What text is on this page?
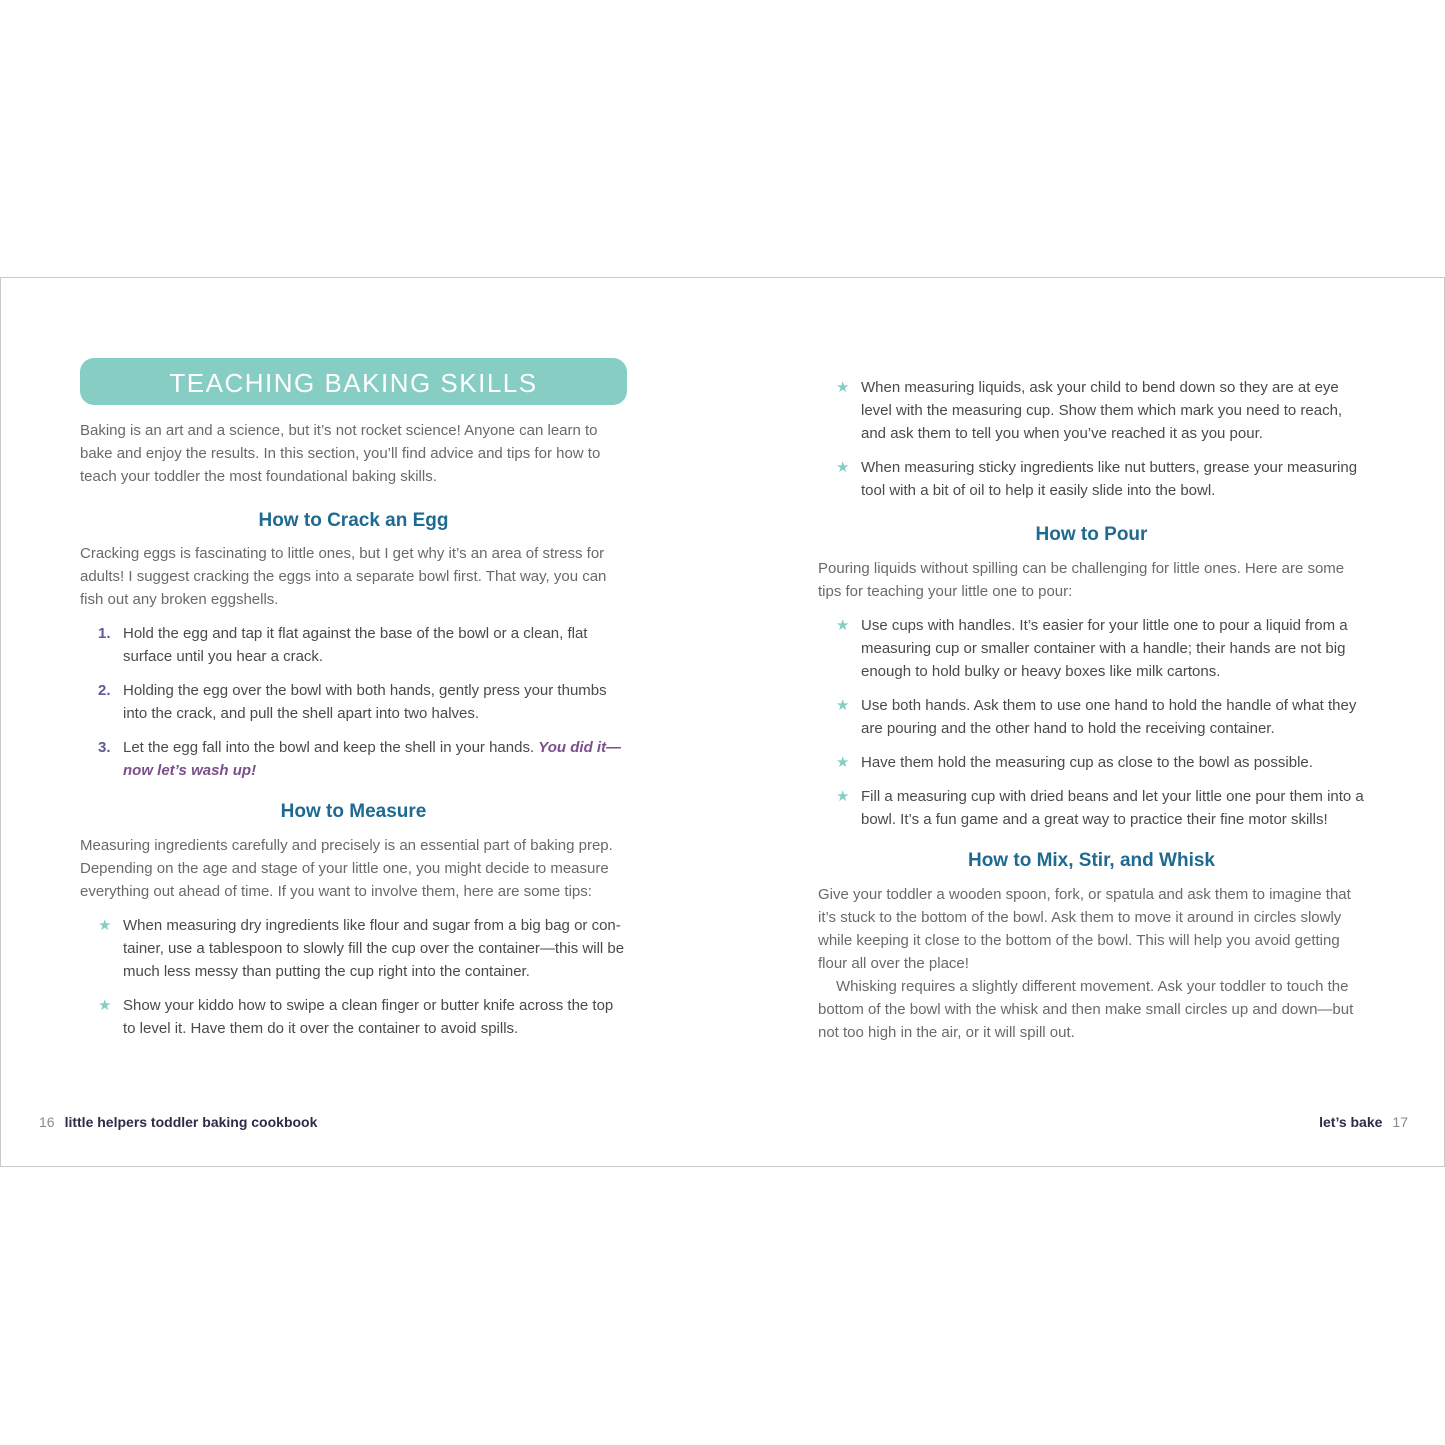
TEACHING BAKING SKILLS

Baking is an art and a science, but it’s not rocket science! Anyone can learn to bake and enjoy the results. In this section, you’ll find advice and tips for how to teach your toddler the most foundational baking skills.

How to Crack an Egg

Cracking eggs is fascinating to little ones, but I get why it’s an area of stress for adults! I suggest cracking the eggs into a separate bowl first. That way, you can fish out any broken eggshells.

1. Hold the egg and tap it flat against the base of the bowl or a clean, flat surface until you hear a crack.
2. Holding the egg over the bowl with both hands, gently press your thumbs into the crack, and pull the shell apart into two halves.
3. Let the egg fall into the bowl and keep the shell in your hands. You did it—now let’s wash up!
How to Measure

Measuring ingredients carefully and precisely is an essential part of baking prep. Depending on the age and stage of your little one, you might decide to measure everything out ahead of time. If you want to involve them, here are some tips:

★ When measuring dry ingredients like flour and sugar from a big bag or con-tainer, use a tablespoon to slowly fill the cup over the container—this will be much less messy than putting the cup right into the container.
★ Show your kiddo how to swipe a clean finger or butter knife across the top to level it. Have them do it over the container to avoid spills.
★ When measuring liquids, ask your child to bend down so they are at eye level with the measuring cup. Show them which mark you need to reach, and ask them to tell you when you’ve reached it as you pour.
★ When measuring sticky ingredients like nut butters, grease your measuring tool with a bit of oil to help it easily slide into the bowl.
How to Pour

Pouring liquids without spilling can be challenging for little ones. Here are some tips for teaching your little one to pour:

★ Use cups with handles. It’s easier for your little one to pour a liquid from a measuring cup or smaller container with a handle; their hands are not big enough to hold bulky or heavy boxes like milk cartons.
★ Use both hands. Ask them to use one hand to hold the handle of what they are pouring and the other hand to hold the receiving container.
★ Have them hold the measuring cup as close to the bowl as possible.
★ Fill a measuring cup with dried beans and let your little one pour them into a bowl. It’s a fun game and a great way to practice their fine motor skills!
How to Mix, Stir, and Whisk

Give your toddler a wooden spoon, fork, or spatula and ask them to imagine that it’s stuck to the bottom of the bowl. Ask them to move it around in circles slowly while keeping it close to the bottom of the bowl. This will help you avoid getting flour all over the place!

Whisking requires a slightly different movement. Ask your toddler to touch the bottom of the bowl with the whisk and then make small circles up and down—but not too high in the air, or it will spill out.

16 little helpers toddler baking cookbook	let’s bake 17
